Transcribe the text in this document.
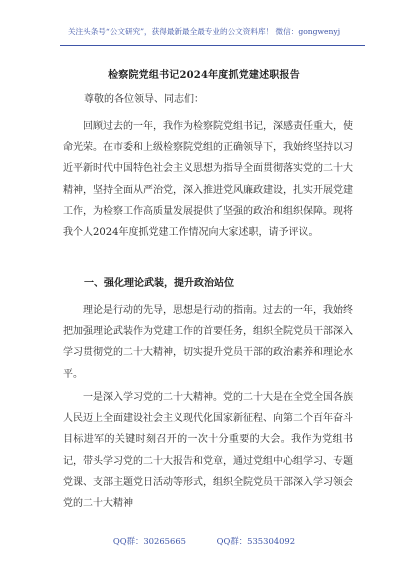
关注头条号“公文研究”，获得最新最全最专业的公文资料库！ 微信：gongwenyj
检察院党组书记2024年度抓党建述职报告
尊敬的各位领导、同志们：

回顾过去的一年，我作为检察院党组书记，深感责任重大，使命光荣。在市委和上级检察院党组的正确领导下，我始终坚持以习近平新时代中国特色社会主义思想为指导全面贯彻落实党的二十大精神，坚持全面从严治党，深入推进党风廉政建设，扎实开展党建工作，为检察工作高质量发展提供了坚强的政治和组织保障。现将我个人2024年度抓党建工作情况向大家述职，请予评议。

一、强化理论武装，提升政治站位

理论是行动的先导，思想是行动的指南。过去的一年，我始终把加强理论武装作为党建工作的首要任务，组织全院党员干部深入学习贯彻党的二十大精神，切实提升党员干部的政治素养和理论水平。

一是深入学习党的二十大精神。党的二十大是在全党全国各族人民迈上全面建设社会主义现代化国家新征程、向第二个百年奋斗目标进军的关键时刻召开的一次十分重要的大会。我作为党组书记，带头学习党的二十大报告和党章，通过党组中心组学习、专题党课、支部主题党日活动等形式，组织全院党员干部深入学习领会党的二十大精神

QQ群：30265665	QQ群：535304092
